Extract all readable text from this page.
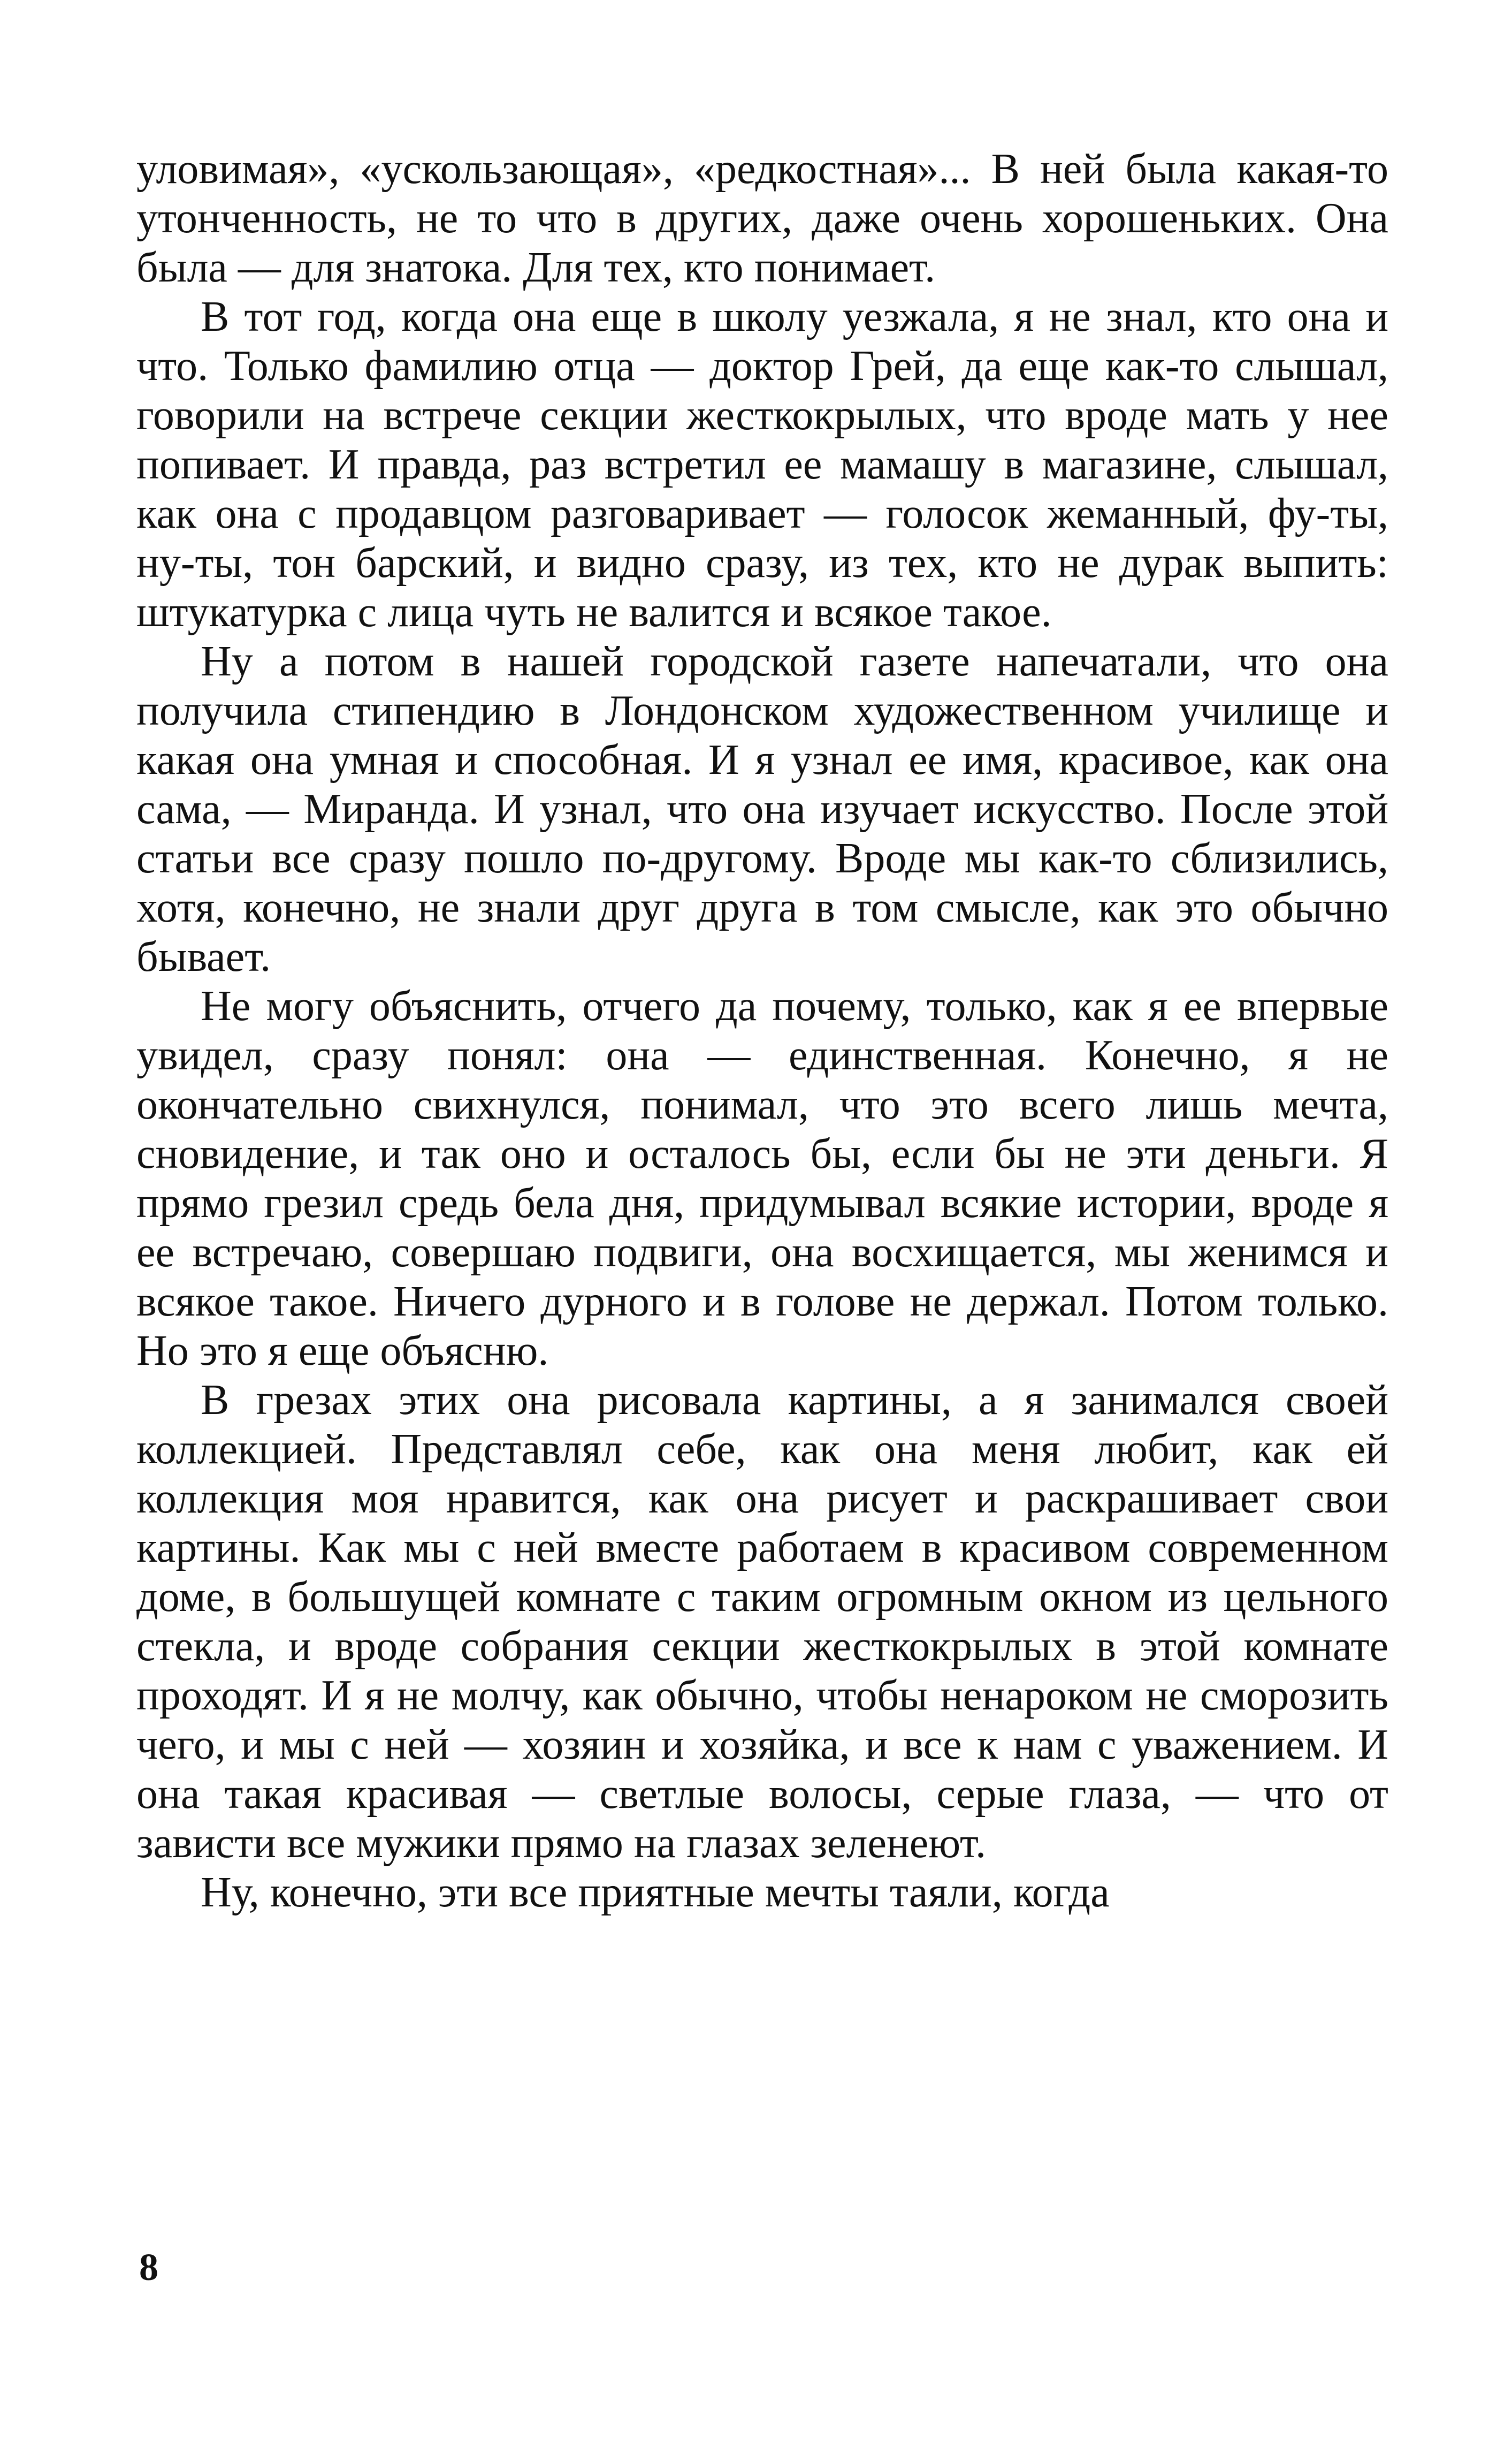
уловимая», «ускользающая», «редкостная»... В ней была какая-то утонченность, не то что в других, даже очень хорошеньких. Она была — для знатока. Для тех, кто понимает.

В тот год, когда она еще в школу уезжала, я не знал, кто она и что. Только фамилию отца — доктор Грей, да еще как-то слышал, говорили на встрече секции жесткокрылых, что вроде мать у нее попивает. И правда, раз встретил ее мамашу в магазине, слышал, как она с продавцом разговаривает — голосок жеманный, фу-ты, ну-ты, тон барский, и видно сразу, из тех, кто не дурак выпить: штукатурка с лица чуть не валится и всякое такое.

Ну а потом в нашей городской газете напечатали, что она получила стипендию в Лондонском художественном училище и какая она умная и способная. И я узнал ее имя, красивое, как она сама, — Миранда. И узнал, что она изучает искусство. После этой статьи все сразу пошло по-другому. Вроде мы как-то сблизились, хотя, конечно, не знали друг друга в том смысле, как это обычно бывает.

Не могу объяснить, отчего да почему, только, как я ее впервые увидел, сразу понял: она — единственная. Конечно, я не окончательно свихнулся, понимал, что это всего лишь мечта, сновидение, и так оно и осталось бы, если бы не эти деньги. Я прямо грезил средь бела дня, придумывал всякие истории, вроде я ее встречаю, совершаю подвиги, она восхищается, мы женимся и всякое такое. Ничего дурного и в голове не держал. Потом только. Но это я еще объясню.

В грезах этих она рисовала картины, а я занимался своей коллекцией. Представлял себе, как она меня любит, как ей коллекция моя нравится, как она рисует и раскрашивает свои картины. Как мы с ней вместе работаем в красивом современном доме, в большущей комнате с таким огромным окном из цельного стекла, и вроде собрания секции жесткокрылых в этой комнате проходят. И я не молчу, как обычно, чтобы ненароком не сморозить чего, и мы с ней — хозяин и хозяйка, и все к нам с уважением. И она такая красивая — светлые волосы, серые глаза, — что от зависти все мужики прямо на глазах зеленеют.

Ну, конечно, эти все приятные мечты таяли, когда

8
